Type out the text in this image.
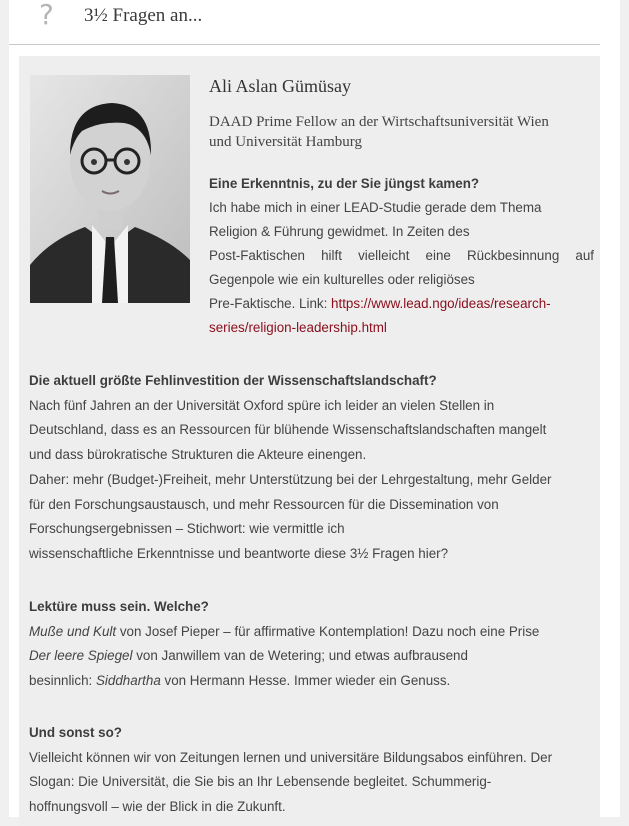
? 3½ Fragen an...
Ali Aslan Gümüsay
DAAD Prime Fellow an der Wirtschaftsuniversität Wien
und Universität Hamburg
Eine Erkenntnis, zu der Sie jüngst kamen?
Ich habe mich in einer LEAD-Studie gerade dem Thema
Religion & Führung gewidmet. In Zeiten des
Post-Faktischen hilft vielleicht eine Rückbesinnung auf
Gegenpole wie ein kulturelles oder religiöses
Pre-Faktische. Link: https://www.lead.ngo/ideas/research-
series/religion-leadership.html
Die aktuell größte Fehlinvestition der Wissenschaftslandschaft?
Nach fünf Jahren an der Universität Oxford spüre ich leider an vielen Stellen in
Deutschland, dass es an Ressourcen für blühende Wissenschaftslandschaften mangelt
und dass bürokratische Strukturen die Akteure einengen.
Daher: mehr (Budget-)Freiheit, mehr Unterstützung bei der Lehrgestaltung, mehr Gelder
für den Forschungsaustausch, und mehr Ressourcen für die Dissemination von
Forschungsergebnissen – Stichwort: wie vermittle ich
wissenschaftliche Erkenntnisse und beantworte diese 3½ Fragen hier?
Lektüre muss sein. Welche?
Muße und Kult von Josef Pieper – für affirmative Kontemplation! Dazu noch eine Prise
Der leere Spiegel von Janwillem van de Wetering; und etwas aufbrausend
besinnlich: Siddhartha von Hermann Hesse. Immer wieder ein Genuss.
Und sonst so?
Vielleicht können wir von Zeitungen lernen und universitäre Bildungsabos einführen. Der
Slogan: Die Universität, die Sie bis an Ihr Lebensende begleitet. Schummerig-
hoffnungsvoll – wie der Blick in die Zukunft.
